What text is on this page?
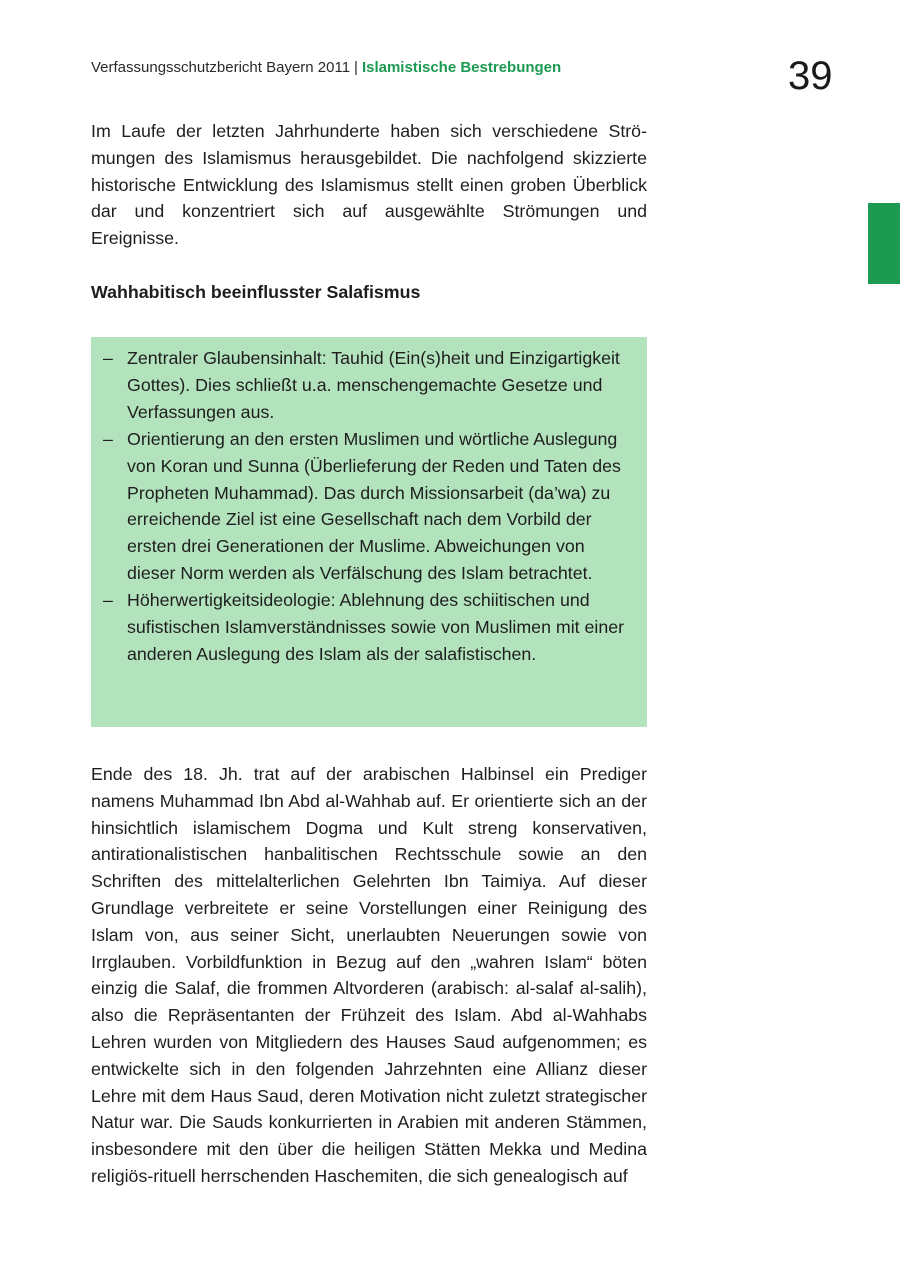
Verfassungsschutzbericht Bayern 2011 | Islamistische Bestrebungen	39

Im Laufe der letzten Jahrhunderte haben sich verschiedene Strömungen des Islamismus herausgebildet. Die nachfolgend skizzierte historische Entwicklung des Islamismus stellt einen groben Überblick dar und konzentriert sich auf ausgewählte Strömungen und Ereignisse.

Wahhabitisch beeinflusster Salafismus
– Zentraler Glaubensinhalt: Tauhid (Ein(s)heit und Einzigartigkeit Gottes). Dies schließt u.a. menschengemachte Gesetze und Verfassungen aus.
– Orientierung an den ersten Muslimen und wörtliche Auslegung von Koran und Sunna (Überlieferung der Reden und Taten des Propheten Muhammad). Das durch Missionsarbeit (da’wa) zu erreichende Ziel ist eine Gesellschaft nach dem Vorbild der ersten drei Generationen der Muslime. Abweichungen von dieser Norm werden als Verfälschung des Islam betrachtet.
– Höherwertigkeitsideologie: Ablehnung des schiitischen und sufistischen Islamverständnisses sowie von Muslimen mit einer anderen Auslegung des Islam als der salafistischen.

Ende des 18. Jh. trat auf der arabischen Halbinsel ein Prediger namens Muhammad Ibn Abd al-Wahhab auf. Er orientierte sich an der hinsichtlich islamischem Dogma und Kult streng konservativen, antirationalistischen hanbalitischen Rechtsschule sowie an den Schriften des mittelalterlichen Gelehrten Ibn Taimiya. Auf dieser Grundlage verbreitete er seine Vorstellungen einer Reinigung des Islam von, aus seiner Sicht, unerlaubten Neuerungen sowie von Irrglauben. Vorbildfunktion in Bezug auf den „wahren Islam“ böten einzig die Salaf, die frommen Altvorderen (arabisch: al-salaf al-salih), also die Repräsentanten der Frühzeit des Islam. Abd al-Wahhabs Lehren wurden von Mitgliedern des Hauses Saud aufgenommen; es entwickelte sich in den folgenden Jahrzehnten eine Allianz dieser Lehre mit dem Haus Saud, deren Motivation nicht zuletzt strategischer Natur war. Die Sauds konkurrierten in Arabien mit anderen Stämmen, insbesondere mit den über die heiligen Stätten Mekka und Medina religiös-rituell herrschenden Haschemiten, die sich genealogisch auf
